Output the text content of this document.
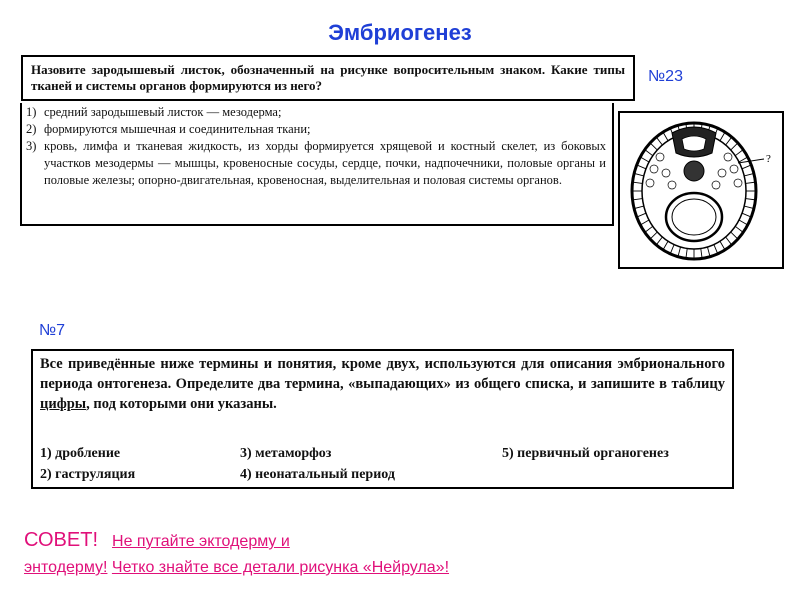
Эмбриогенез
Назовите зародышевый листок, обозначенный на рисунке вопросительным знаком. Какие типы тканей и системы органов формируются из него?
№23
1) средний зародышевый листок — мезодерма;
2) формируются мышечная и соединительная ткани;
3) кровь, лимфа и тканевая жидкость, из хорды формируется хрящевой и костный скелет, из боковых участков мезодермы — мышцы, кровеносные сосуды, сердце, почки, надпочечники, половые органы и половые железы; опорно-двигательная, кровеносная, выделительная и половая системы органов.
?
№7
Все приведённые ниже термины и понятия, кроме двух, используются для описания эмбрионального периода онтогенеза. Определите два термина, «выпадающих» из общего списка, и запишите в таблицу цифры, под которыми они указаны.
1) дробление	3) метаморфоз	5) первичный органогенез
2) гаструляция	4) неонатальный период
СОВЕТ! Не путайте эктодерму и
энтодерму! Четко знайте все детали рисунка «Нейрула»!
